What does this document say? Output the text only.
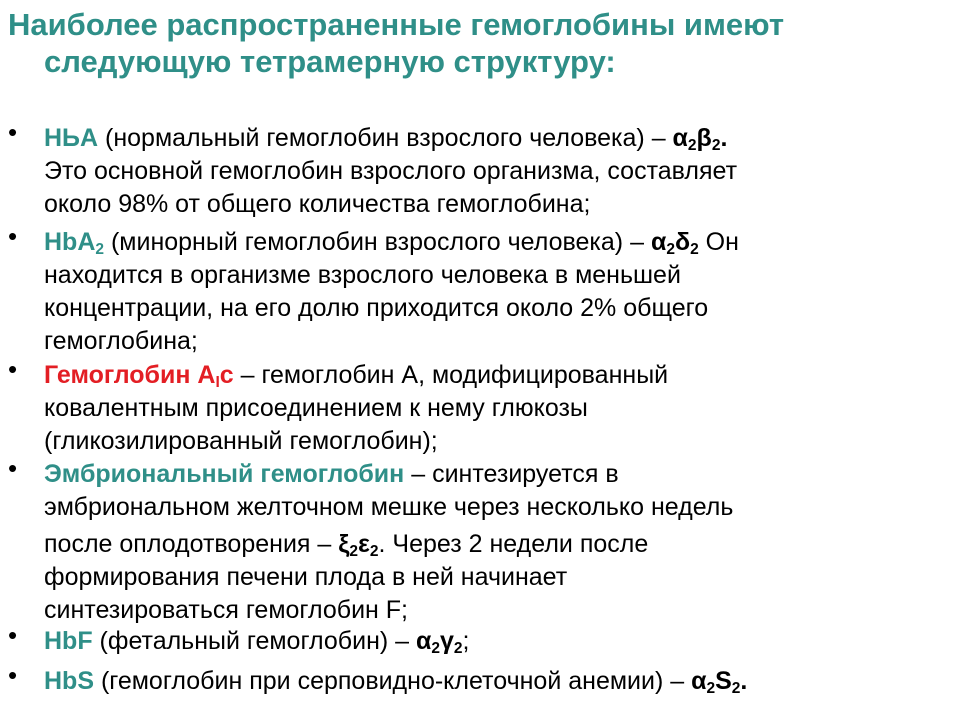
Наиболее распространенные гемоглобины имеют
следующую тетрамерную структуру:
• HЬA (нормальный гемоглобин взрослого человека) – $\alpha_2\beta_2$.
Это основной гемоглобин взрослого организма, составляет
около 98% от общего количества гемоглобина;
• HbA$_2$ (минорный гемоглобин взрослого человека) – $\alpha_2\delta_2$ Он
находится в организме взрослого человека в меньшей
концентрации, на его долю приходится около 2% общего
гемоглобина;
• Гемоглобин $A_Ic$ – гемоглобин А, модифицированный
ковалентным присоединением к нему глюкозы
(гликозилированный гемоглобин);
• Эмбриональный гемоглобин – синтезируется в
эмбриональном желточном мешке через несколько недель
после оплодотворения – $\xi_2\varepsilon_2$. Через 2 недели после
формирования печени плода в ней начинает
синтезироваться гемоглобин F;
• HbF (фетальный гемоглобин) – $\alpha_2\gamma_2$;
• HbS (гемоглобин при серповидно-клеточной анемии) – $\alpha_2S_2$.
